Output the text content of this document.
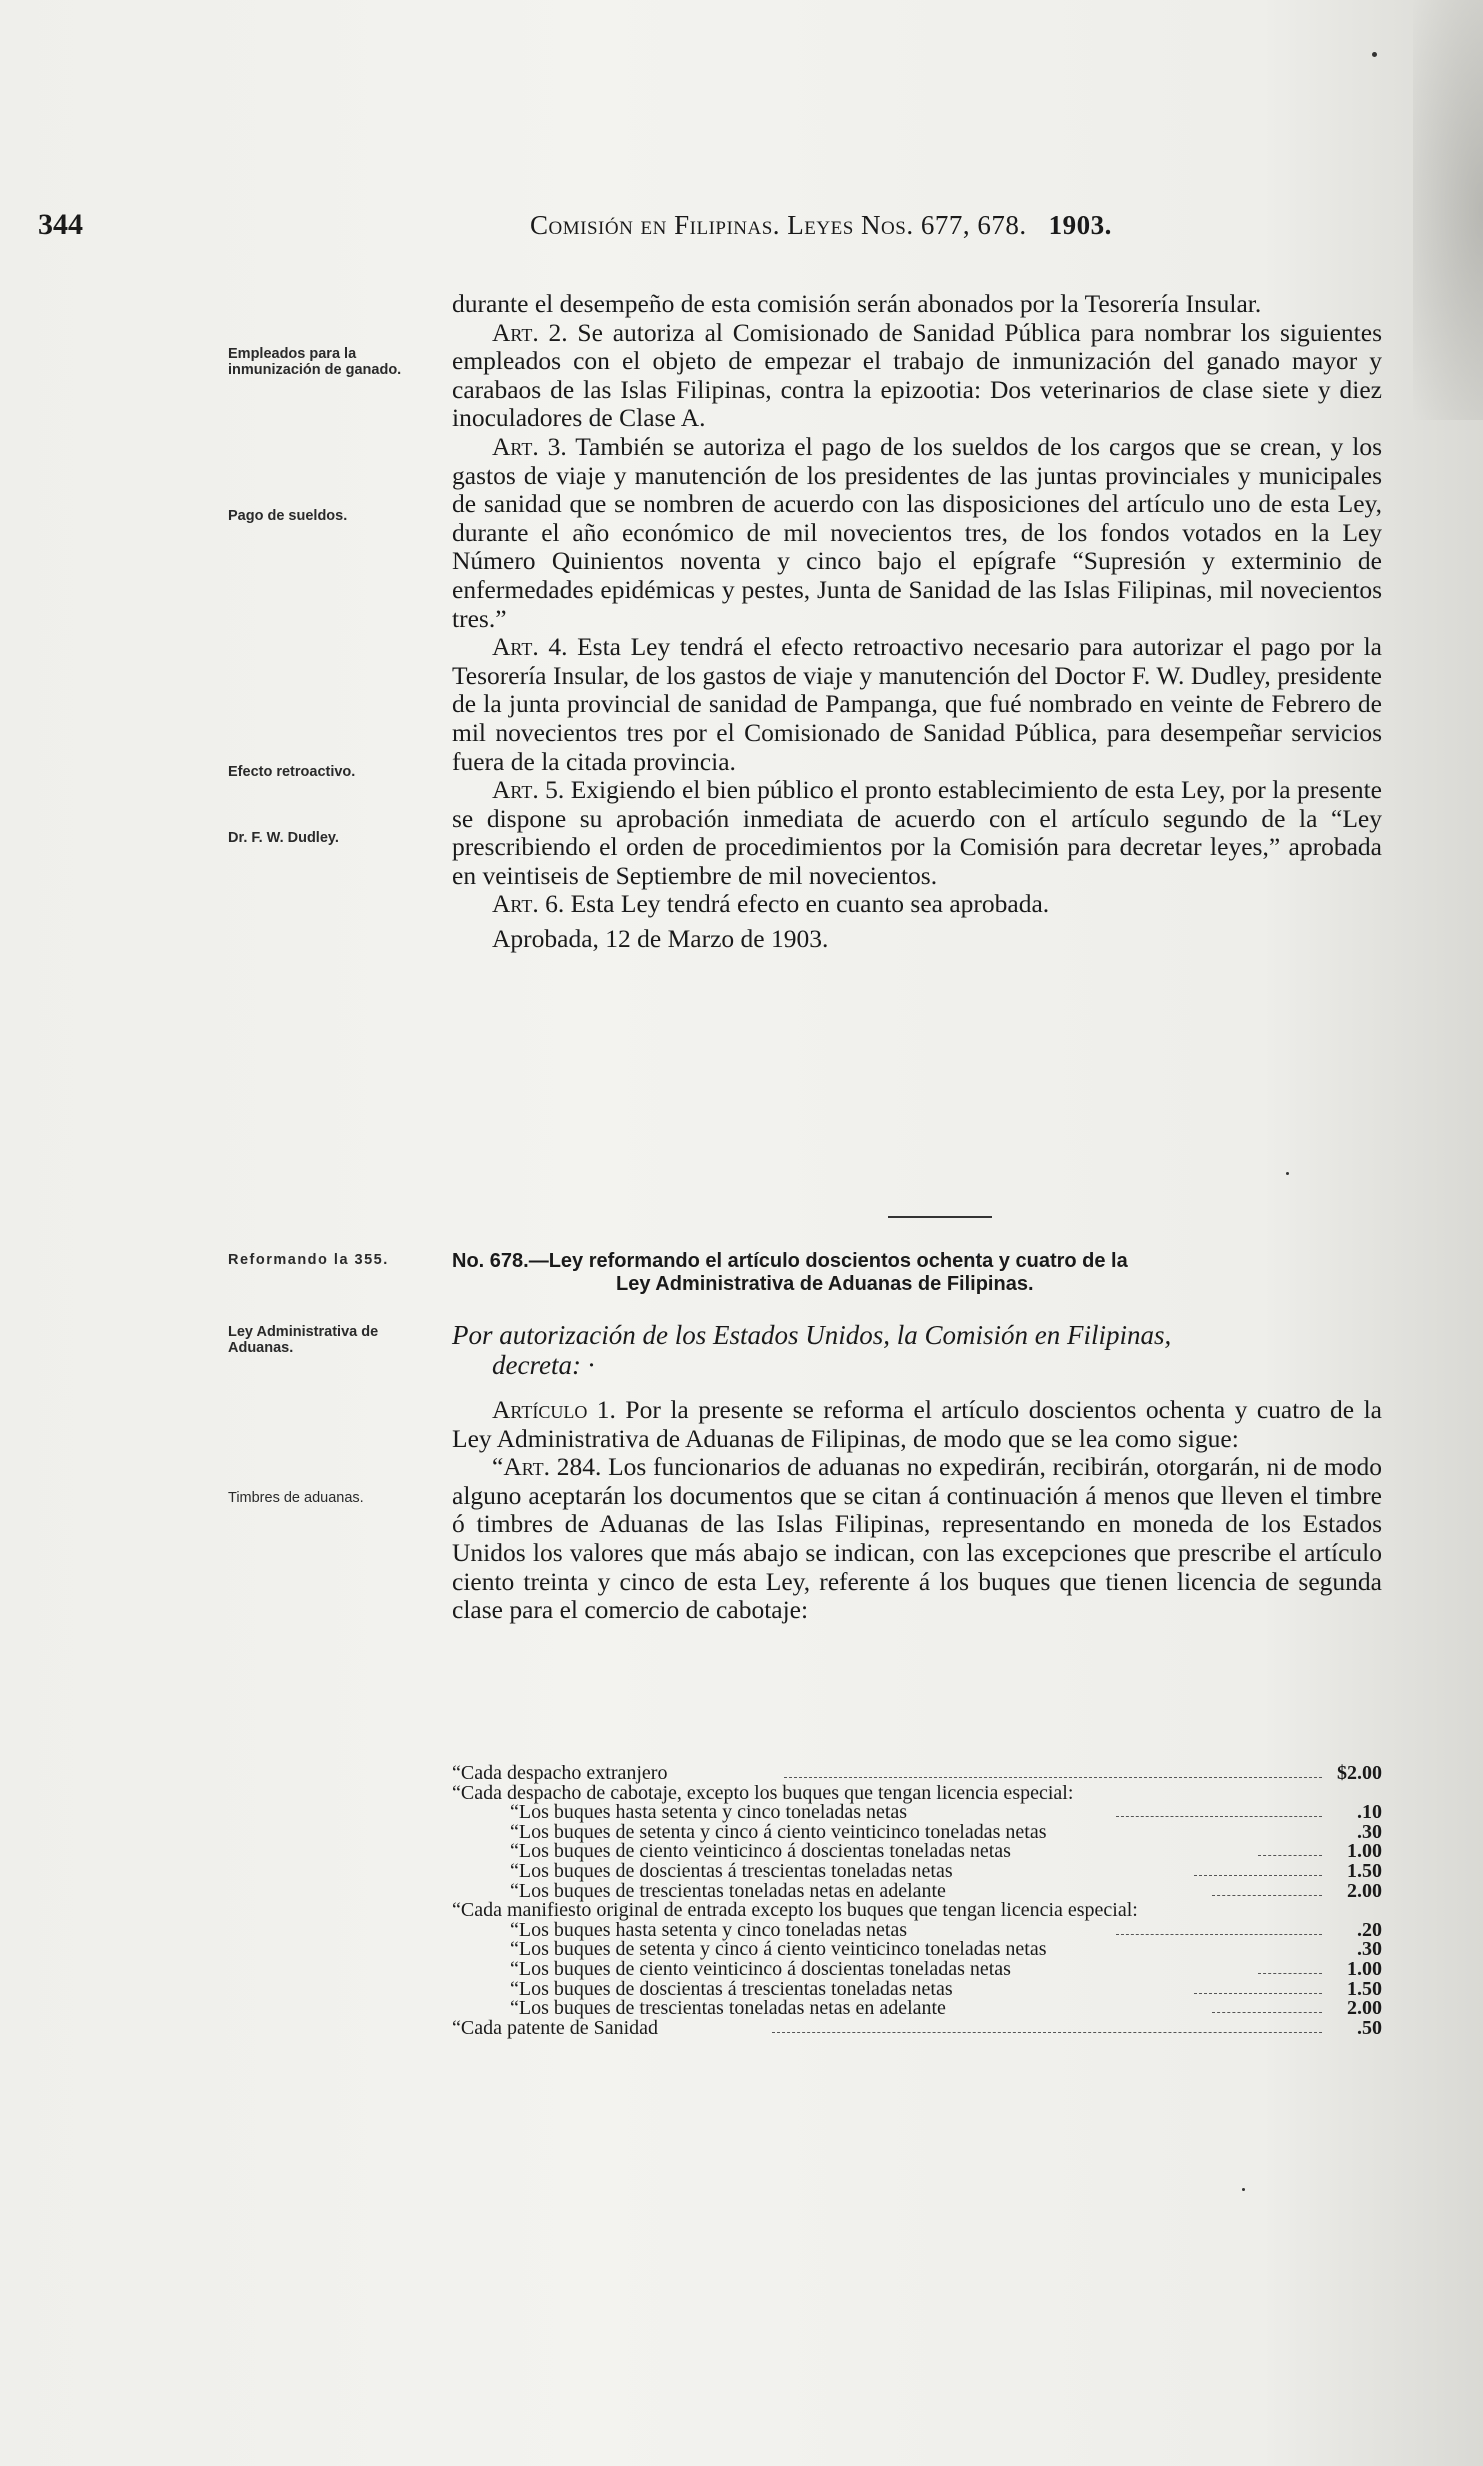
344	Comisión en Filipinas. Leyes Nos. 677, 678. 1903.
Empleados para la inmunización de ganado.
Pago de sueldos.
Efecto retroactivo.
Dr. F. W. Dudley.
Reformando la 355.
Ley Administrativa de Aduanas.
Timbres de aduanas.

durante el desempeño de esta comisión serán abonados por la Tesorería Insular.

Art. 2. Se autoriza al Comisionado de Sanidad Pública para nombrar los siguientes empleados con el objeto de empezar el trabajo de inmunización del ganado mayor y carabaos de las Islas Filipinas, contra la epizootia: Dos veterinarios de clase siete y diez inoculadores de Clase A.

Art. 3. También se autoriza el pago de los sueldos de los cargos que se crean, y los gastos de viaje y manutención de los presidentes de las juntas provinciales y municipales de sanidad que se nombren de acuerdo con las disposiciones del artículo uno de esta Ley, durante el año económico de mil novecientos tres, de los fondos votados en la Ley Número Quinientos noventa y cinco bajo el epígrafe “Supresión y exterminio de enfermedades epidémicas y pestes, Junta de Sanidad de las Islas Filipinas, mil novecientos tres.”

Art. 4. Esta Ley tendrá el efecto retroactivo necesario para autorizar el pago por la Tesorería Insular, de los gastos de viaje y manutención del Doctor F. W. Dudley, presidente de la junta provincial de sanidad de Pampanga, que fué nombrado en veinte de Febrero de mil novecientos tres por el Comisionado de Sanidad Pública, para desempeñar servicios fuera de la citada provincia.

Art. 5. Exigiendo el bien público el pronto establecimiento de esta Ley, por la presente se dispone su aprobación inmediata de acuerdo con el artículo segundo de la “Ley prescribiendo el orden de procedimientos por la Comisión para decretar leyes,” aprobada en veintiseis de Septiembre de mil novecientos.

Art. 6. Esta Ley tendrá efecto en cuanto sea aprobada.

Aprobada, 12 de Marzo de 1903.

No. 678.—Ley reformando el artículo doscientos ochenta y cuatro de la
Ley Administrativa de Aduanas de Filipinas.
Por autorización de los Estados Unidos, la Comisión en Filipinas,
decreta: ·

Artículo 1. Por la presente se reforma el artículo doscientos ochenta y cuatro de la Ley Administrativa de Aduanas de Filipinas, de modo que se lea como sigue:

“Art. 284. Los funcionarios de aduanas no expedirán, recibirán, otorgarán, ni de modo alguno aceptarán los documentos que se citan á continuación á menos que lleven el timbre ó timbres de Aduanas de las Islas Filipinas, representando en moneda de los Estados Unidos los valores que más abajo se indican, con las excepciones que prescribe el artículo ciento treinta y cinco de esta Ley, referente á los buques que tienen licencia de segunda clase para el comercio de cabotaje:

“Cada despacho extranjero	$2.00
“Cada despacho de cabotaje, excepto los buques que tengan licencia especial:
“Los buques hasta setenta y cinco toneladas netas	.10
“Los buques de setenta y cinco á ciento veinticinco toneladas netas	.30
“Los buques de ciento veinticinco á doscientas toneladas netas	1.00
“Los buques de doscientas á trescientas toneladas netas	1.50
“Los buques de trescientas toneladas netas en adelante	2.00
“Cada manifiesto original de entrada excepto los buques que tengan licencia especial:
“Los buques hasta setenta y cinco toneladas netas	.20
“Los buques de setenta y cinco á ciento veinticinco toneladas netas	.30
“Los buques de ciento veinticinco á doscientas toneladas netas	1.00
“Los buques de doscientas á trescientas toneladas netas	1.50
“Los buques de trescientas toneladas netas en adelante	2.00
“Cada patente de Sanidad	.50
